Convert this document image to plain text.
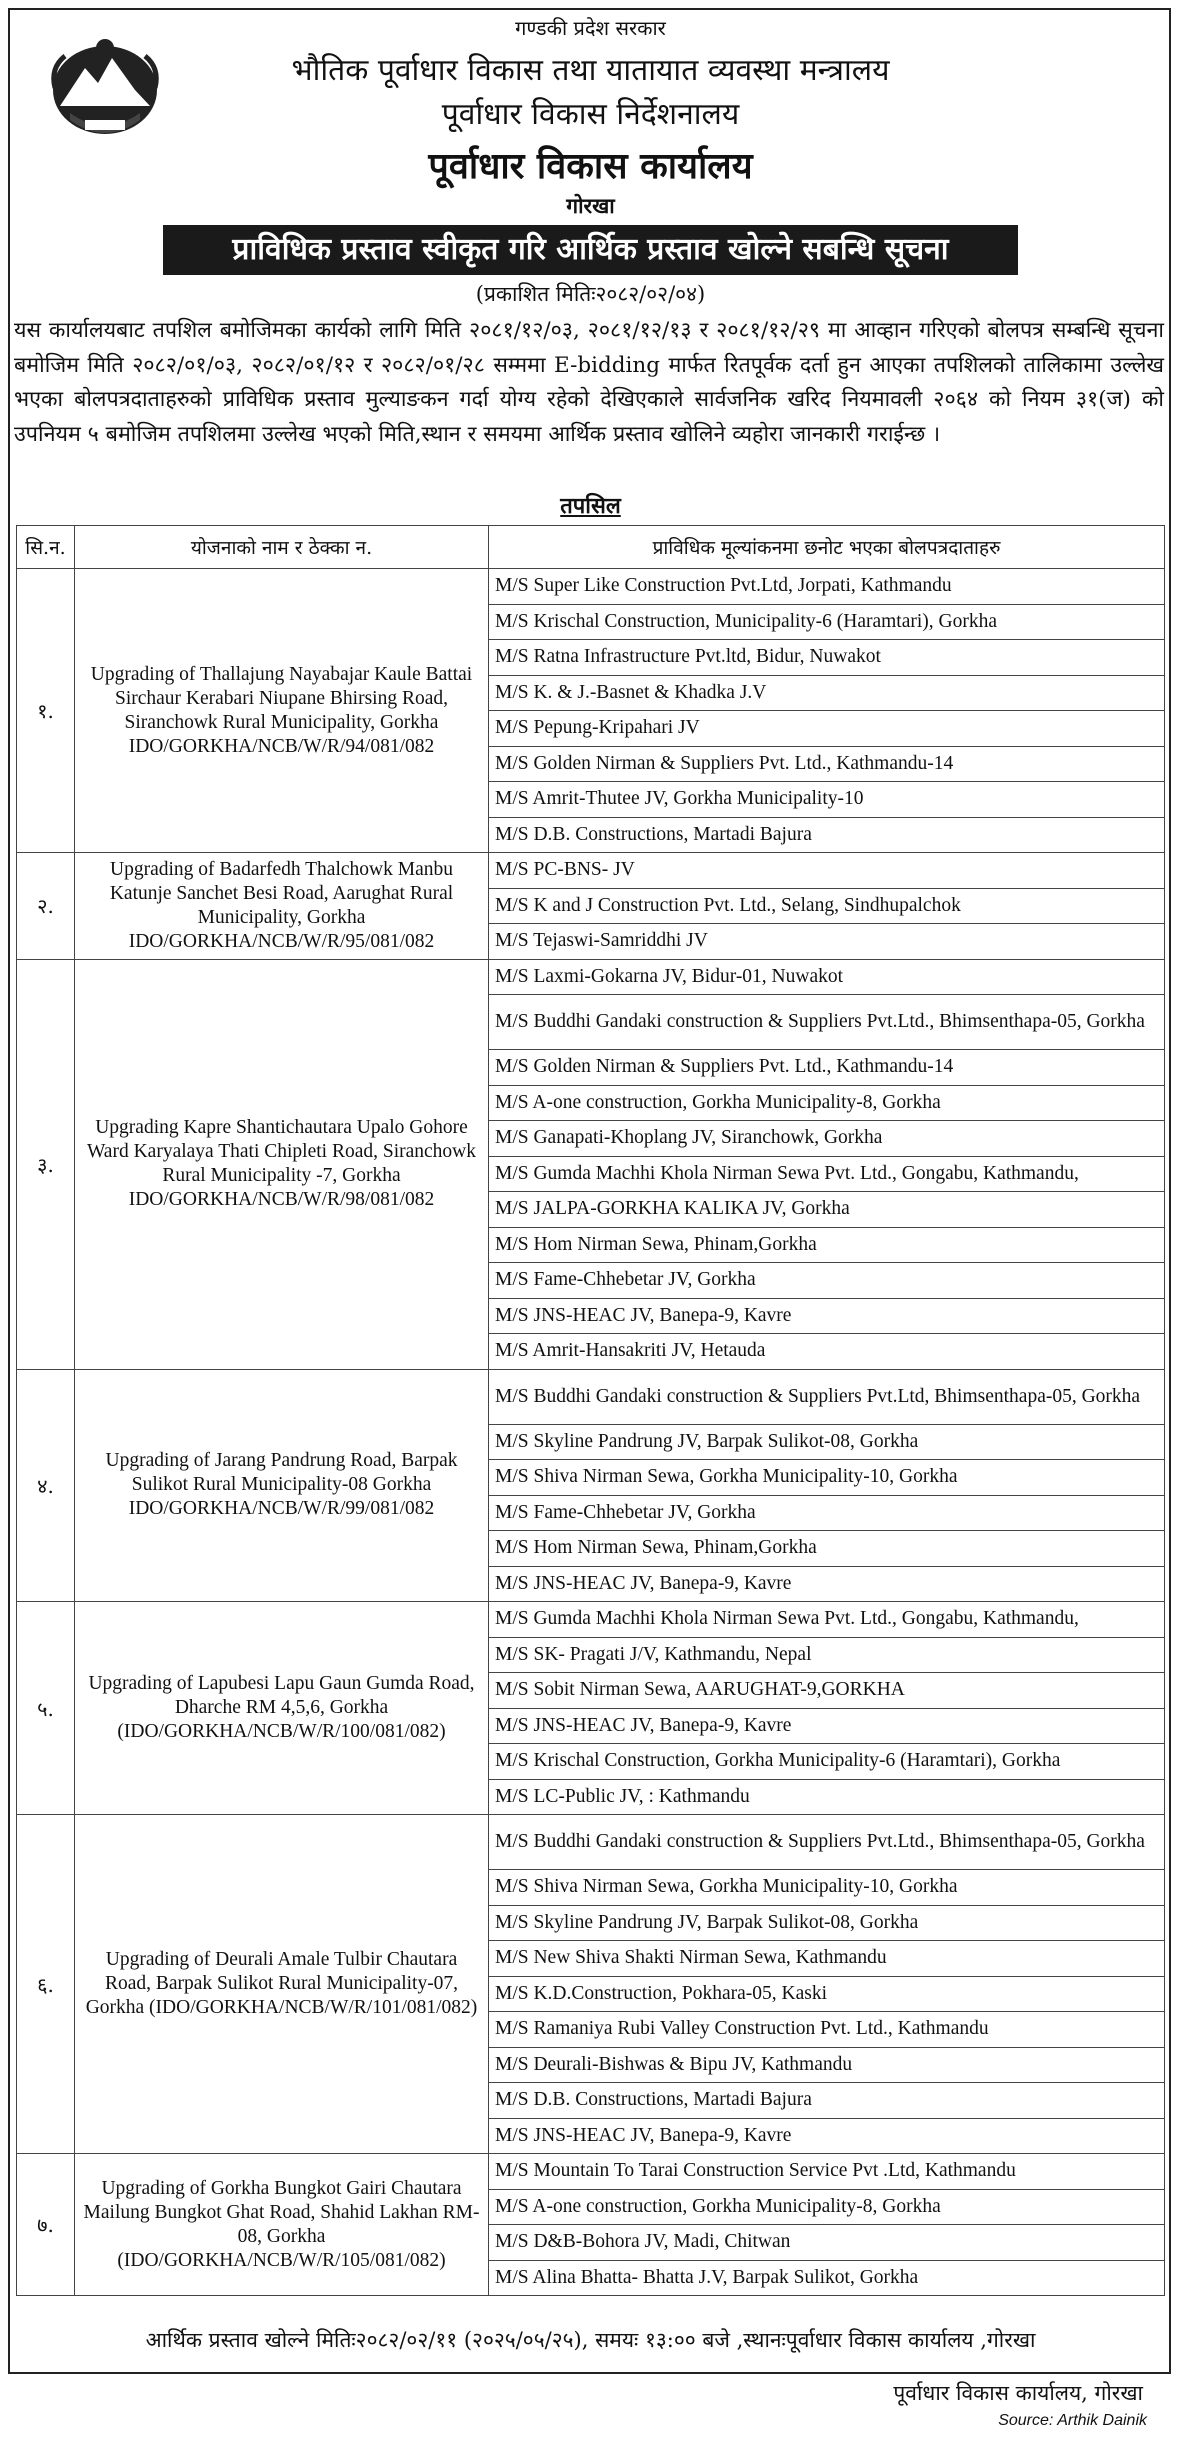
गण्डकी प्रदेश सरकार
भौतिक पूर्वाधार विकास तथा यातायात व्यवस्था मन्त्रालय
पूर्वाधार विकास निर्देशनालय
पूर्वाधार विकास कार्यालय
गोरखा
प्राविधिक प्रस्ताव स्वीकृत गरि आर्थिक प्रस्ताव खोल्ने सबन्धि सूचना
(प्रकाशित मितिः२०८२/०२/०४)
यस कार्यालयबाट तपशिल बमोजिमका कार्यको लागि मिति २०८१/१२/०३, २०८१/१२/१३ र २०८१/१२/२९ मा आव्हान गरिएको बोलपत्र सम्बन्धि सूचना बमोजिम मिति २०८२/०१/०३, २०८२/०१/१२ र २०८२/०१/२८ सम्ममा E-bidding मार्फत रितपूर्वक दर्ता हुन आएका तपशिलको तालिकामा उल्लेख भएका बोलपत्रदाताहरुको प्राविधिक प्रस्ताव मुल्याङकन गर्दा योग्य रहेको देखिएकाले सार्वजनिक खरिद नियमावली २०६४ को नियम ३१(ज) को उपनियम ५ बमोजिम तपशिलमा उल्लेख भएको मिति,स्थान र समयमा आर्थिक प्रस्ताव खोलिने व्यहोरा जानकारी गराईन्छ ।
तपसिल
सि.न.	योजनाको नाम र ठेक्का न.	प्राविधिक मूल्यांकनमा छनोट भएका बोलपत्रदाताहरु
१.	Upgrading of Thallajung Nayabajar Kaule Battai Sirchaur Kerabari Niupane Bhirsing Road, Siranchowk Rural Municipality, Gorkha IDO/GORKHA/NCB/W/R/94/081/082	M/S Super Like Construction Pvt.Ltd, Jorpati, Kathmandu
		M/S Krischal Construction, Municipality-6 (Haramtari), Gorkha
		M/S Ratna Infrastructure Pvt.ltd, Bidur, Nuwakot
		M/S K. & J.-Basnet & Khadka J.V
		M/S Pepung-Kripahari JV
		M/S Golden Nirman & Suppliers Pvt. Ltd., Kathmandu-14
		M/S Amrit-Thutee JV, Gorkha Municipality-10
		M/S D.B. Constructions, Martadi Bajura
२.	Upgrading of Badarfedh Thalchowk Manbu Katunje Sanchet Besi Road, Aarughat Rural Municipality, Gorkha IDO/GORKHA/NCB/W/R/95/081/082	M/S PC-BNS- JV
		M/S K and J Construction Pvt. Ltd., Selang, Sindhupalchok
		M/S Tejaswi-Samriddhi JV
३.	Upgrading Kapre Shantichautara Upalo Gohore Ward Karyalaya Thati Chipleti Road, Siranchowk Rural Municipality -7, Gorkha IDO/GORKHA/NCB/W/R/98/081/082	M/S Laxmi-Gokarna JV, Bidur-01, Nuwakot
		M/S Buddhi Gandaki construction & Suppliers Pvt.Ltd., Bhimsenthapa-05, Gorkha
		M/S Golden Nirman & Suppliers Pvt. Ltd., Kathmandu-14
		M/S A-one construction, Gorkha Municipality-8, Gorkha
		M/S Ganapati-Khoplang JV, Siranchowk, Gorkha
		M/S Gumda Machhi Khola Nirman Sewa Pvt. Ltd., Gongabu, Kathmandu,
		M/S JALPA-GORKHA KALIKA JV, Gorkha
		M/S Hom Nirman Sewa, Phinam,Gorkha
		M/S Fame-Chhebetar JV, Gorkha
		M/S JNS-HEAC JV, Banepa-9, Kavre
		M/S Amrit-Hansakriti JV, Hetauda
४.	Upgrading of Jarang Pandrung Road, Barpak Sulikot Rural Municipality-08 Gorkha IDO/GORKHA/NCB/W/R/99/081/082	M/S Buddhi Gandaki construction & Suppliers Pvt.Ltd, Bhimsenthapa-05, Gorkha
		M/S Skyline Pandrung JV, Barpak Sulikot-08, Gorkha
		M/S Shiva Nirman Sewa, Gorkha Municipality-10, Gorkha
		M/S Fame-Chhebetar JV, Gorkha
		M/S Hom Nirman Sewa, Phinam,Gorkha
		M/S JNS-HEAC JV, Banepa-9, Kavre
५.	Upgrading of Lapubesi Lapu Gaun Gumda Road, Dharche RM 4,5,6, Gorkha (IDO/GORKHA/NCB/W/R/100/081/082)	M/S Gumda Machhi Khola Nirman Sewa Pvt. Ltd., Gongabu, Kathmandu,
		M/S SK- Pragati J/V, Kathmandu, Nepal
		M/S Sobit Nirman Sewa, AARUGHAT-9,GORKHA
		M/S JNS-HEAC JV, Banepa-9, Kavre
		M/S Krischal Construction, Gorkha Municipality-6 (Haramtari), Gorkha
		M/S LC-Public JV, : Kathmandu
६.	Upgrading of Deurali Amale Tulbir Chautara Road, Barpak Sulikot Rural Municipality-07, Gorkha (IDO/GORKHA/NCB/W/R/101/081/082)	M/S Buddhi Gandaki construction & Suppliers Pvt.Ltd., Bhimsenthapa-05, Gorkha
		M/S Shiva Nirman Sewa, Gorkha Municipality-10, Gorkha
		M/S Skyline Pandrung JV, Barpak Sulikot-08, Gorkha
		M/S New Shiva Shakti Nirman Sewa, Kathmandu
		M/S K.D.Construction, Pokhara-05, Kaski
		M/S Ramaniya Rubi Valley Construction Pvt. Ltd., Kathmandu
		M/S Deurali-Bishwas & Bipu JV, Kathmandu
		M/S D.B. Constructions, Martadi Bajura
		M/S JNS-HEAC JV, Banepa-9, Kavre
७.	Upgrading of Gorkha Bungkot Gairi Chautara Mailung Bungkot Ghat Road, Shahid Lakhan RM-08, Gorkha (IDO/GORKHA/NCB/W/R/105/081/082)	M/S Mountain To Tarai Construction Service Pvt .Ltd, Kathmandu
		M/S A-one construction, Gorkha Municipality-8, Gorkha
		M/S D&B-Bohora JV, Madi, Chitwan
		M/S Alina Bhatta- Bhatta J.V, Barpak Sulikot, Gorkha
आर्थिक प्रस्ताव खोल्ने मितिः२०८२/०२/११ (२०२५/०५/२५), समयः १३:०० बजे ,स्थानःपूर्वाधार विकास कार्यालय ,गोरखा
पूर्वाधार विकास कार्यालय, गोरखा
Source: Arthik Dainik
